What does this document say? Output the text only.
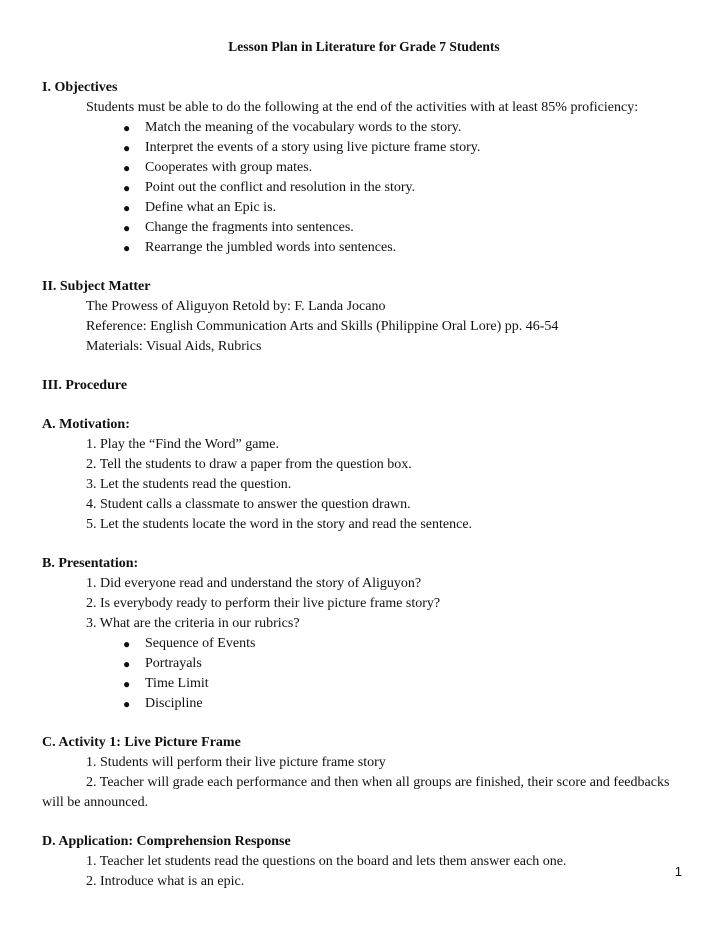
Lesson Plan in Literature for Grade 7 Students
I. Objectives
Students must be able to do the following at the end of the activities with at least 85% proficiency:
● Match the meaning of the vocabulary words to the story.
● Interpret the events of a story using live picture frame story.
● Cooperates with group mates.
● Point out the conflict and resolution in the story.
● Define what an Epic is.
● Change the fragments into sentences.
● Rearrange the jumbled words into sentences.
II. Subject Matter
The Prowess of Aliguyon Retold by: F. Landa Jocano
Reference: English Communication Arts and Skills (Philippine Oral Lore) pp. 46-54
Materials: Visual Aids, Rubrics
III. Procedure
A. Motivation:
1. Play the “Find the Word” game.
2. Tell the students to draw a paper from the question box.
3. Let the students read the question.
4. Student calls a classmate to answer the question drawn.
5. Let the students locate the word in the story and read the sentence.
B. Presentation:
1. Did everyone read and understand the story of Aliguyon?
2. Is everybody ready to perform their live picture frame story?
3. What are the criteria in our rubrics?
● Sequence of Events
● Portrayals
● Time Limit
● Discipline
C. Activity 1: Live Picture Frame
1. Students will perform their live picture frame story
2. Teacher will grade each performance and then when all groups are finished, their score and feedbacks will be announced.
D. Application: Comprehension Response
1. Teacher let students read the questions on the board and lets them answer each one.
2. Introduce what is an epic.
1
